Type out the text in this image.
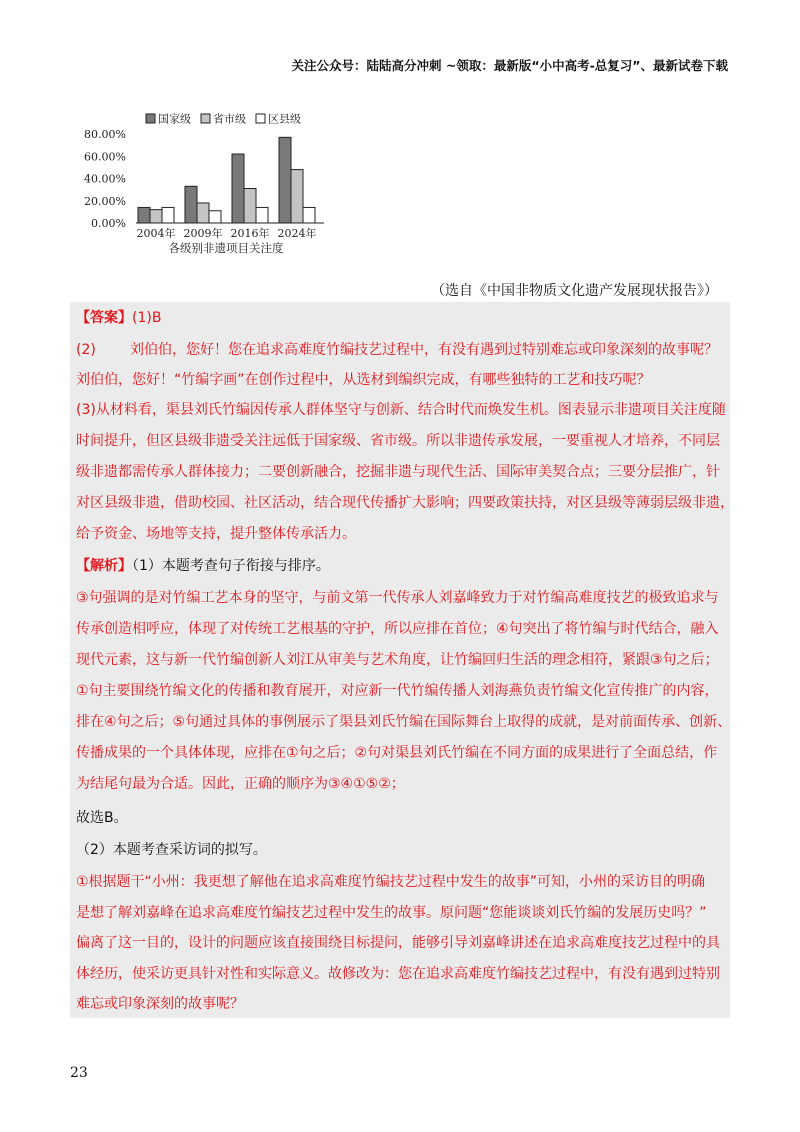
关注公众号：陆陆高分冲刺 ~领取：最新版“小中高考-总复习”、最新试卷下载
国家级 省市级 区县级
80.00%
60.00%
40.00%
20.00%
0.00%
2004年 2009年 2016年 2024年
各级别非遗项目关注度
（选自《中国非物质文化遗产发展现状报告》）
【答案】(1)B
(2) 刘伯伯，您好！您在追求高难度竹编技艺过程中，有没有遇到过特别难忘或印象深刻的故事呢？
刘伯伯，您好！“竹编字画”在创作过程中，从选材到编织完成，有哪些独特的工艺和技巧呢？
(3)从材料看，渠县刘氏竹编因传承人群体坚守与创新、结合时代而焕发生机。图表显示非遗项目关注度随
时间提升，但区县级非遗受关注远低于国家级、省市级。所以非遗传承发展，一要重视人才培养，不同层
级非遗都需传承人群体接力；二要创新融合，挖掘非遗与现代生活、国际审美契合点；三要分层推广，针
对区县级非遗，借助校园、社区活动，结合现代传播扩大影响；四要政策扶持，对区县级等薄弱层级非遗，
给予资金、场地等支持，提升整体传承活力。
【解析】（1）本题考查句子衔接与排序。
③句强调的是对竹编工艺本身的坚守，与前文第一代传承人刘嘉峰致力于对竹编高难度技艺的极致追求与
传承创造相呼应，体现了对传统工艺根基的守护，所以应排在首位；④句突出了将竹编与时代结合，融入
现代元素，这与新一代竹编创新人刘江从审美与艺术角度，让竹编回归生活的理念相符，紧跟③句之后；
①句主要围绕竹编文化的传播和教育展开，对应新一代竹编传播人刘海燕负责竹编文化宣传推广的内容，
排在④句之后；⑤句通过具体的事例展示了渠县刘氏竹编在国际舞台上取得的成就，是对前面传承、创新、
传播成果的一个具体体现，应排在①句之后；②句对渠县刘氏竹编在不同方面的成果进行了全面总结，作
为结尾句最为合适。因此，正确的顺序为③④①⑤②；
故选B。
（2）本题考查采访词的拟写。
①根据题干“小州：我更想了解他在追求高难度竹编技艺过程中发生的故事”可知，小州的采访目的明确
是想了解刘嘉峰在追求高难度竹编技艺过程中发生的故事。原问题“您能谈谈刘氏竹编的发展历史吗？”
偏离了这一目的，设计的问题应该直接围绕目标提问，能够引导刘嘉峰讲述在追求高难度技艺过程中的具
体经历，使采访更具针对性和实际意义。故修改为：您在追求高难度竹编技艺过程中，有没有遇到过特别
难忘或印象深刻的故事呢？
23
